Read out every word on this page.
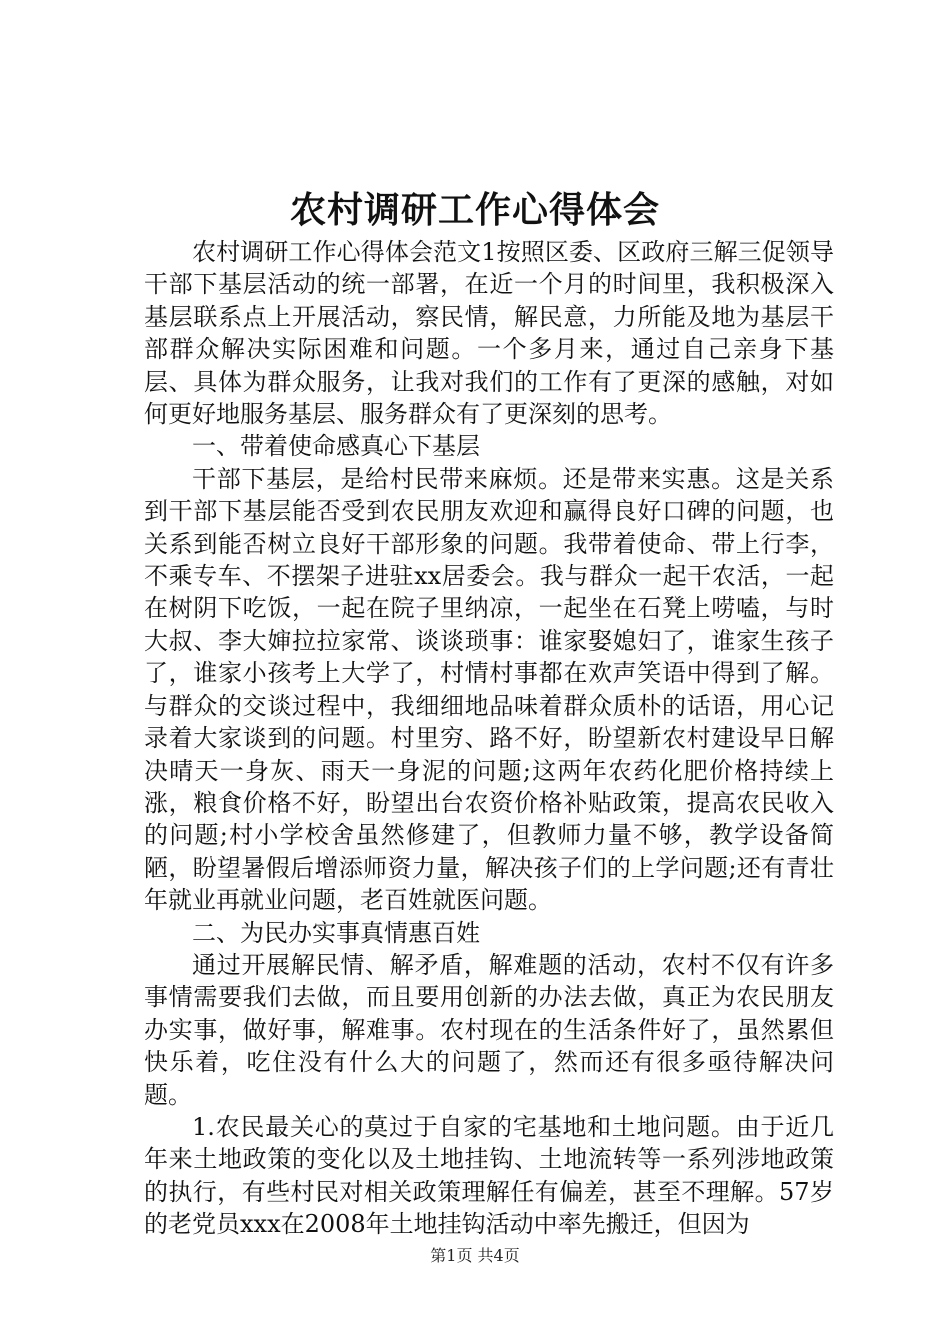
农村调研工作心得体会

农村调研工作心得体会范文1按照区委、区政府三解三促领导干部下基层活动的统一部署，在近一个月的时间里，我积极深入基层联系点上开展活动，察民情，解民意，力所能及地为基层干部群众解决实际困难和问题。一个多月来，通过自己亲身下基层、具体为群众服务，让我对我们的工作有了更深的感触，对如何更好地服务基层、服务群众有了更深刻的思考。

一、带着使命感真心下基层

干部下基层，是给村民带来麻烦。还是带来实惠。这是关系到干部下基层能否受到农民朋友欢迎和赢得良好口碑的问题，也关系到能否树立良好干部形象的问题。我带着使命、带上行李，不乘专车、不摆架子进驻xx居委会。我与群众一起干农活，一起在树阴下吃饭，一起在院子里纳凉，一起坐在石凳上唠嗑，与时大叔、李大婶拉拉家常、谈谈琐事：谁家娶媳妇了，谁家生孩子了，谁家小孩考上大学了，村情村事都在欢声笑语中得到了解。与群众的交谈过程中，我细细地品味着群众质朴的话语，用心记录着大家谈到的问题。村里穷、路不好，盼望新农村建设早日解决晴天一身灰、雨天一身泥的问题;这两年农药化肥价格持续上涨，粮食价格不好，盼望出台农资价格补贴政策，提高农民收入的问题;村小学校舍虽然修建了，但教师力量不够，教学设备简陋，盼望暑假后增添师资力量，解决孩子们的上学问题;还有青壮年就业再就业问题，老百姓就医问题。

二、为民办实事真情惠百姓

通过开展解民情、解矛盾，解难题的活动，农村不仅有许多事情需要我们去做，而且要用创新的办法去做，真正为农民朋友办实事，做好事，解难事。农村现在的生活条件好了，虽然累但快乐着，吃住没有什么大的问题了，然而还有很多亟待解决问题。

1.农民最关心的莫过于自家的宅基地和土地问题。由于近几年来土地政策的变化以及土地挂钩、土地流转等一系列涉地政策的执行，有些村民对相关政策理解任有偏差，甚至不理解。57岁的老党员xxx在2008年土地挂钩活动中率先搬迁，但因为

第1页 共4页
